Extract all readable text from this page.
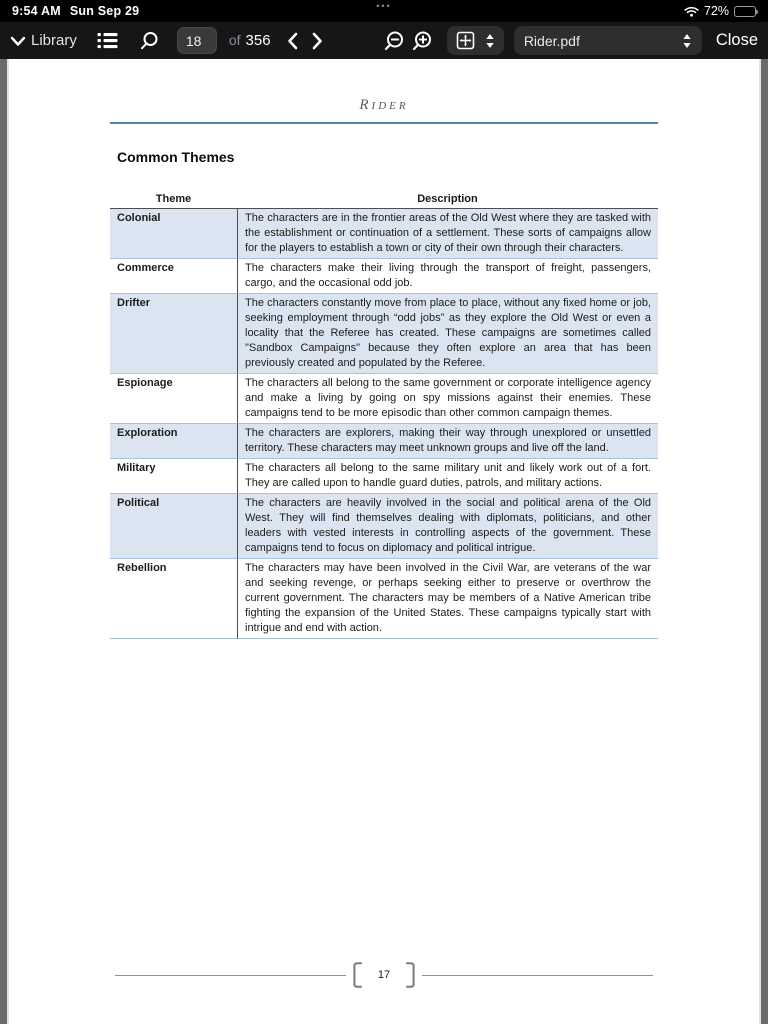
9:54 AM Sun Sep 29	•••	72%
Library
18	of 356	Rider.pdf	Close
Rider
Common Themes
Theme	Description
Colonial	The characters are in the frontier areas of the Old West where they are tasked with the establishment or continuation of a settlement. These sorts of campaigns allow for the players to establish a town or city of their own through their characters.
Commerce	The characters make their living through the transport of freight, passengers, cargo, and the occasional odd job.
Drifter	The characters constantly move from place to place, without any fixed home or job, seeking employment through “odd jobs” as they explore the Old West or even a locality that the Referee has created. These campaigns are sometimes called "Sandbox Campaigns" because they often explore an area that has been previously created and populated by the Referee.
Espionage	The characters all belong to the same government or corporate intelligence agency and make a living by going on spy missions against their enemies. These campaigns tend to be more episodic than other common campaign themes.
Exploration	The characters are explorers, making their way through unexplored or unsettled territory. These characters may meet unknown groups and live off the land.
Military	The characters all belong to the same military unit and likely work out of a fort. They are called upon to handle guard duties, patrols, and military actions.
Political	The characters are heavily involved in the social and political arena of the Old West. They will find themselves dealing with diplomats, politicians, and other leaders with vested interests in controlling aspects of the government. These campaigns tend to focus on diplomacy and political intrigue.
Rebellion	The characters may have been involved in the Civil War, are veterans of the war and seeking revenge, or perhaps seeking either to preserve or overthrow the current government. The characters may be members of a Native American tribe fighting the expansion of the United States. These campaigns typically start with intrigue and end with action.
17
